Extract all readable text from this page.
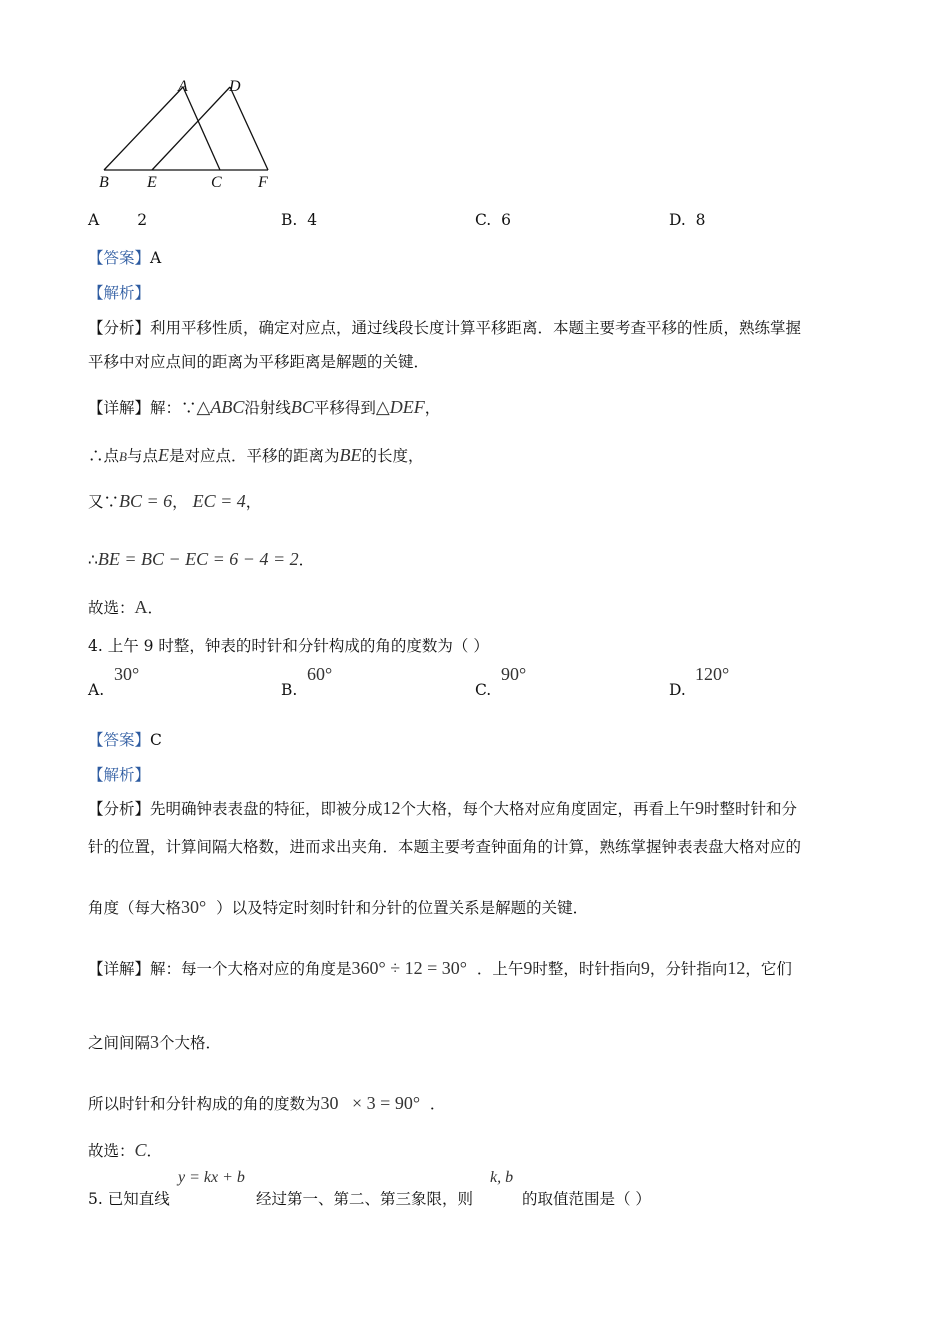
A	D
B E	C F
A 2	B. 4	C. 6	D. 8
【答案】A
【解析】
【分析】利用平移性质，确定对应点，通过线段长度计算平移距离．本题主要考查平移的性质，熟练掌握
平移中对应点间的距离为平移距离是解题的关键．
【详解】解：∵△ABC沿射线BC平移得到△DEF，
∴点B与点E是对应点．平移的距离为BE的长度，
又∵BC = 6， EC = 4，
∴BE = BC − EC = 6 − 4 = 2．
故选：A．
4. 上午 9 时整，钟表的时针和分针构成的角的度数为（ ）
A.
30°
B.
60°
C.
90°
D.
120°
【答案】C
【解析】
【分析】先明确钟表表盘的特征，即被分成12个大格，每个大格对应角度固定，再看上午9时整时针和分
针的位置，计算间隔大格数，进而求出夹角．本题主要考查钟面角的计算，熟练掌握钟表表盘大格对应的
角度（每大格30° ）以及特定时刻时针和分针的位置关系是解题的关键．
【详解】解：每一个大格对应的角度是360° ÷ 12 = 30° ．上午9时整，时针指向9，分针指向12，它们
之间间隔3个大格．
所以时针和分针构成的角的度数为30   × 3 = 90° ．
故选：C．
5. 已知直线
y = kx + b
经过第一、第二、第三象限，则
k, b
的取值范围是（ ）
